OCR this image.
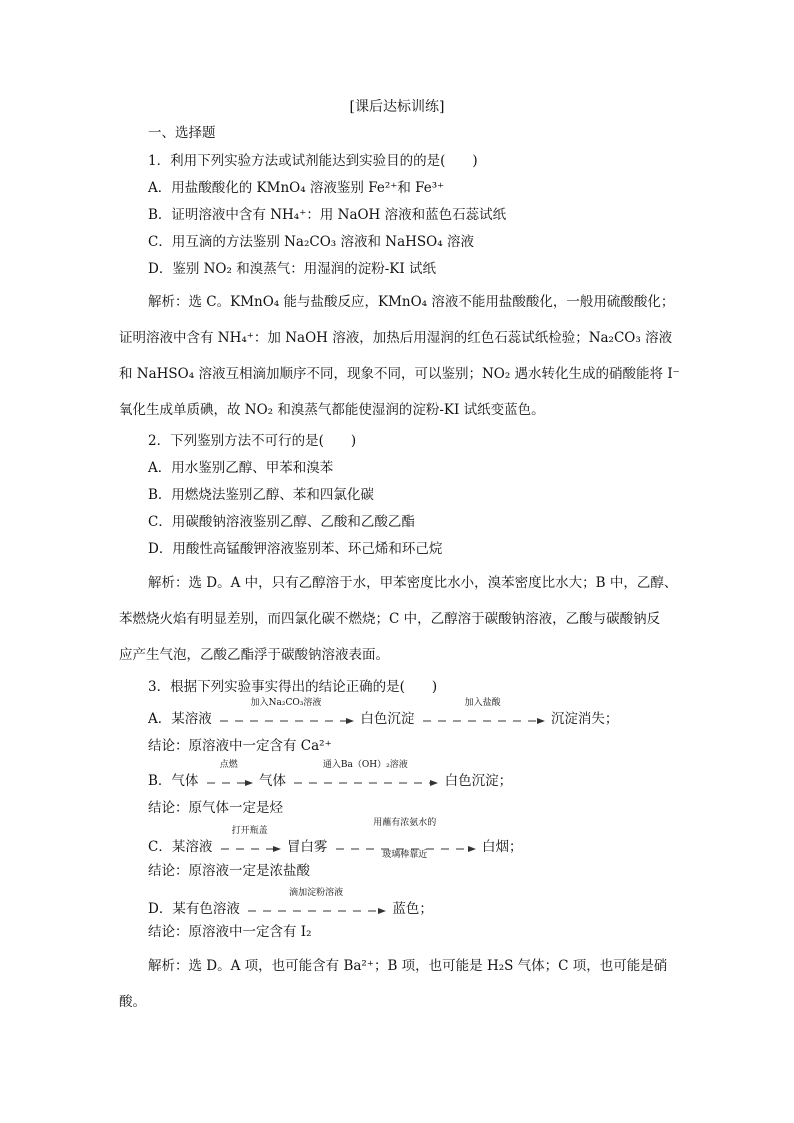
[课后达标训练]
一、选择题
1．利用下列实验方法或试剂能达到实验目的的是(　　)
A．用盐酸酸化的 KMnO₄ 溶液鉴别 Fe²⁺和 Fe³⁺
B．证明溶液中含有 NH₄⁺：用 NaOH 溶液和蓝色石蕊试纸
C．用互滴的方法鉴别 Na₂CO₃ 溶液和 NaHSO₄ 溶液
D．鉴别 NO₂ 和溴蒸气：用湿润的淀粉-KI 试纸
解析：选 C。KMnO₄ 能与盐酸反应，KMnO₄ 溶液不能用盐酸酸化，一般用硫酸酸化；
证明溶液中含有 NH₄⁺：加 NaOH 溶液，加热后用湿润的红色石蕊试纸检验；Na₂CO₃ 溶液
和 NaHSO₄ 溶液互相滴加顺序不同，现象不同，可以鉴别；NO₂ 遇水转化生成的硝酸能将 I⁻
氧化生成单质碘，故 NO₂ 和溴蒸气都能使湿润的淀粉-KI 试纸变蓝色。
2．下列鉴别方法不可行的是(　　)
A．用水鉴别乙醇、甲苯和溴苯
B．用燃烧法鉴别乙醇、苯和四氯化碳
C．用碳酸钠溶液鉴别乙醇、乙酸和乙酸乙酯
D．用酸性高锰酸钾溶液鉴别苯、环己烯和环己烷
解析：选 D。A 中，只有乙醇溶于水，甲苯密度比水小，溴苯密度比水大；B 中，乙醇、
苯燃烧火焰有明显差别，而四氯化碳不燃烧；C 中，乙醇溶于碳酸钠溶液，乙酸与碳酸钠反
应产生气泡，乙酸乙酯浮于碳酸钠溶液表面。
3．根据下列实验事实得出的结论正确的是(　　)
A．某溶液
加入Na₂CO₃溶液
白色沉淀
加入盐酸
沉淀消失；
结论：原溶液中一定含有 Ca²⁺
B．气体
点燃
气体
通入Ba（OH）₂溶液
白色沉淀；
结论：原气体一定是烃
C．某溶液
打开瓶盖
冒白雾
用蘸有浓氨水的
玻璃棒靠近	白烟；
结论：原溶液一定是浓盐酸
D．某有色溶液
滴加淀粉溶液
蓝色；
结论：原溶液中一定含有 I₂
解析：选 D。A 项，也可能含有 Ba²⁺；B 项，也可能是 H₂S 气体；C 项，也可能是硝
酸。
